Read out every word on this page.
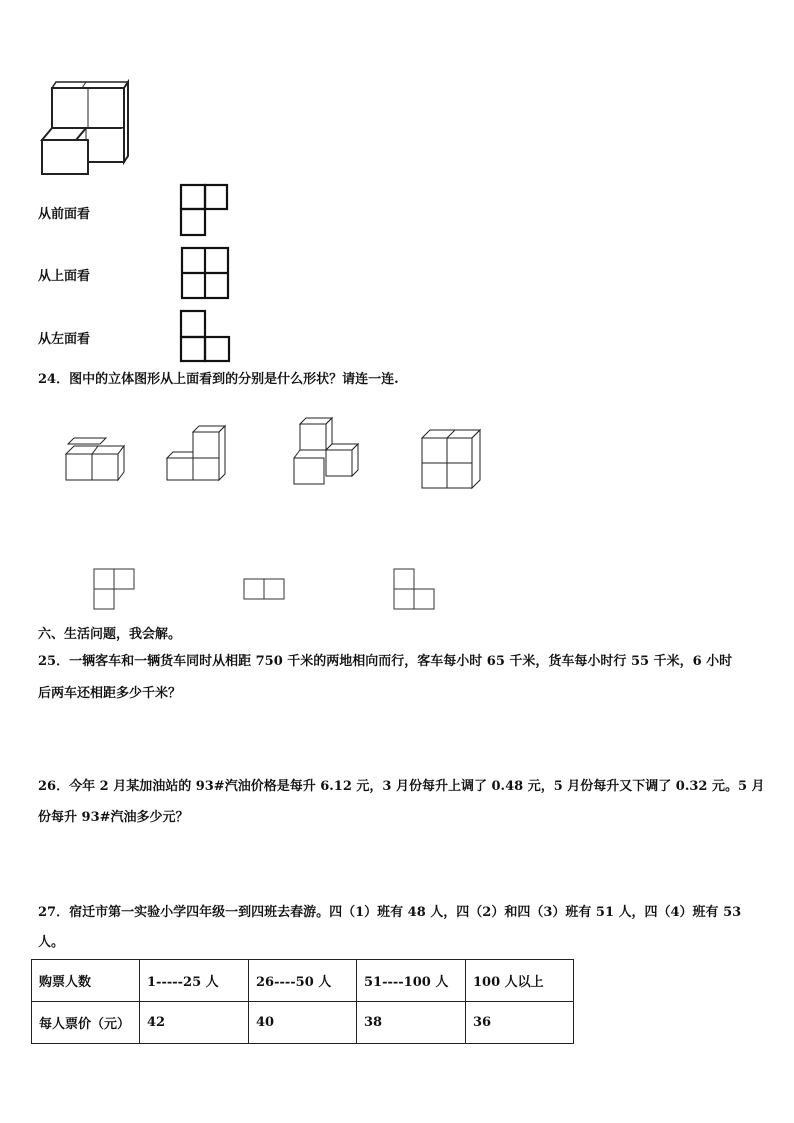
从前面看
从上面看
从左面看
24．图中的立体图形从上面看到的分别是什么形状？请连一连.
六、生活问题，我会解。
25．一辆客车和一辆货车同时从相距 750 千米的两地相向而行，客车每小时 65 千米，货车每小时行 55 千米，6 小时
后两车还相距多少千米？
26．今年 2 月某加油站的 93#汽油价格是每升 6.12 元，3 月份每升上调了 0.48 元，5 月份每升又下调了 0.32 元。5 月
份每升 93#汽油多少元？
27．宿迁市第一实验小学四年级一到四班去春游。四（1）班有 48 人，四（2）和四（3）班有 51 人，四（4）班有 53
人。
购票人数	1-----25 人	26----50 人	51----100 人	100 人以上
每人票价（元）	42	40	38	36
